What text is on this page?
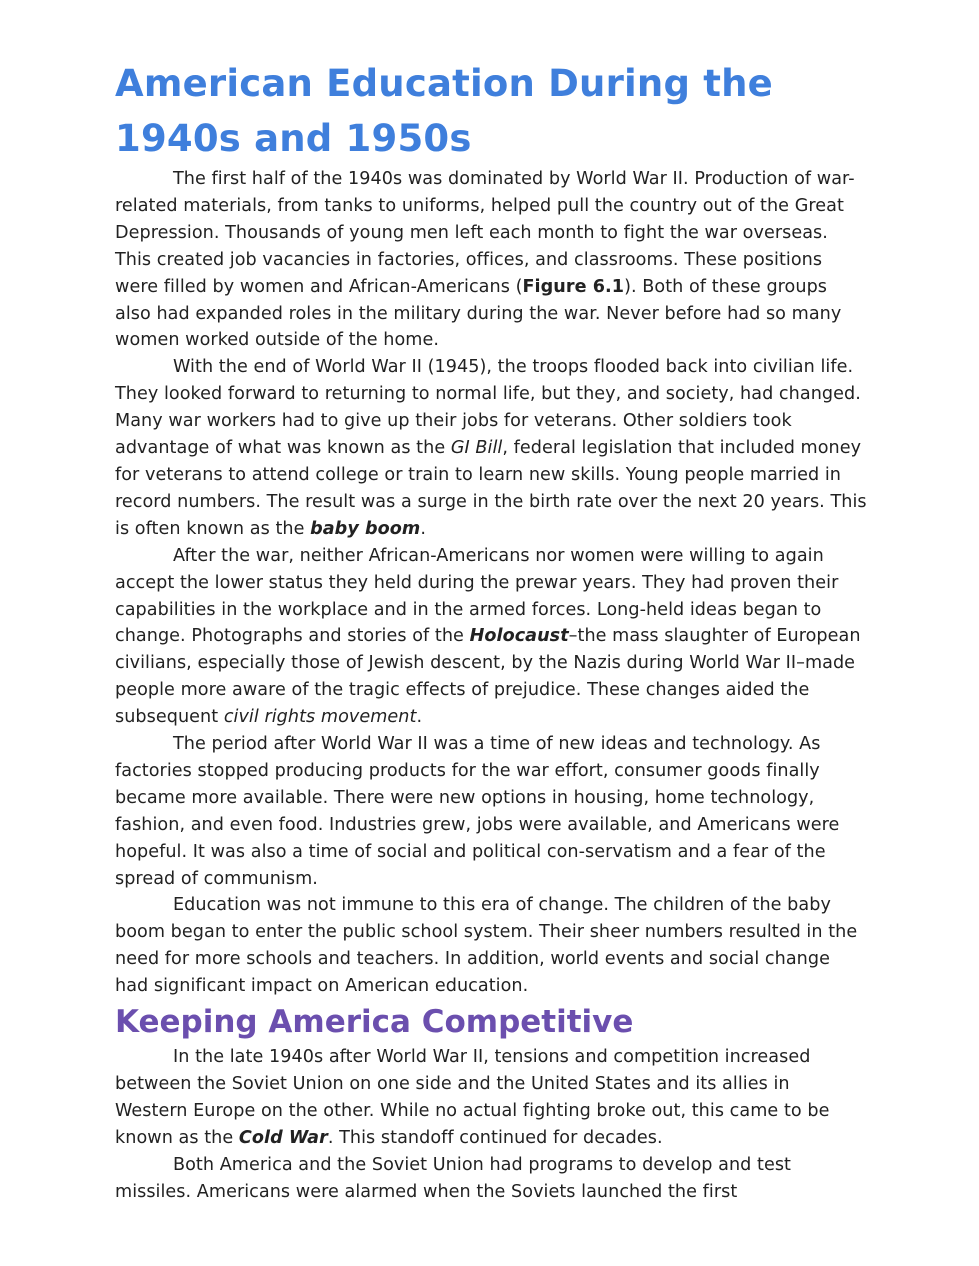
American Education During the
1940s and 1950s

The first half of the 1940s was dominated by World War II. Production of war-related materials, from tanks to uniforms, helped pull the country out of the Great Depression. Thousands of young men left each month to fight the war overseas. This created job vacancies in factories, offices, and classrooms. These positions were filled by women and African-Americans (Figure 6.1). Both of these groups also had expanded roles in the military during the war. Never before had so many women worked outside of the home.

With the end of World War II (1945), the troops flooded back into civilian life. They looked forward to returning to normal life, but they, and society, had changed. Many war workers had to give up their jobs for veterans. Other soldiers took advantage of what was known as the GI Bill, federal legislation that included money for veterans to attend college or train to learn new skills. Young people married in record numbers. The result was a surge in the birth rate over the next 20 years. This is often known as the baby boom.

After the war, neither African-Americans nor women were willing to again accept the lower status they held during the prewar years. They had proven their capabilities in the workplace and in the armed forces. Long-held ideas began to change. Photographs and stories of the Holocaust–the mass slaughter of European civilians, especially those of Jewish descent, by the Nazis during World War II–made people more aware of the tragic effects of prejudice. These changes aided the subsequent civil rights movement.

The period after World War II was a time of new ideas and technology. As factories stopped producing products for the war effort, consumer goods finally became more available. There were new options in housing, home technology, fashion, and even food. Industries grew, jobs were available, and Americans were hopeful. It was also a time of social and political con-servatism and a fear of the spread of communism.

Education was not immune to this era of change. The children of the baby boom began to enter the public school system. Their sheer numbers resulted in the need for more schools and teachers. In addition, world events and social change had significant impact on American education.

Keeping America Competitive

In the late 1940s after World War II, tensions and competition increased between the Soviet Union on one side and the United States and its allies in Western Europe on the other. While no actual fighting broke out, this came to be known as the Cold War. This standoff continued for decades.

Both America and the Soviet Union had programs to develop and test missiles. Americans were alarmed when the Soviets launched the first
